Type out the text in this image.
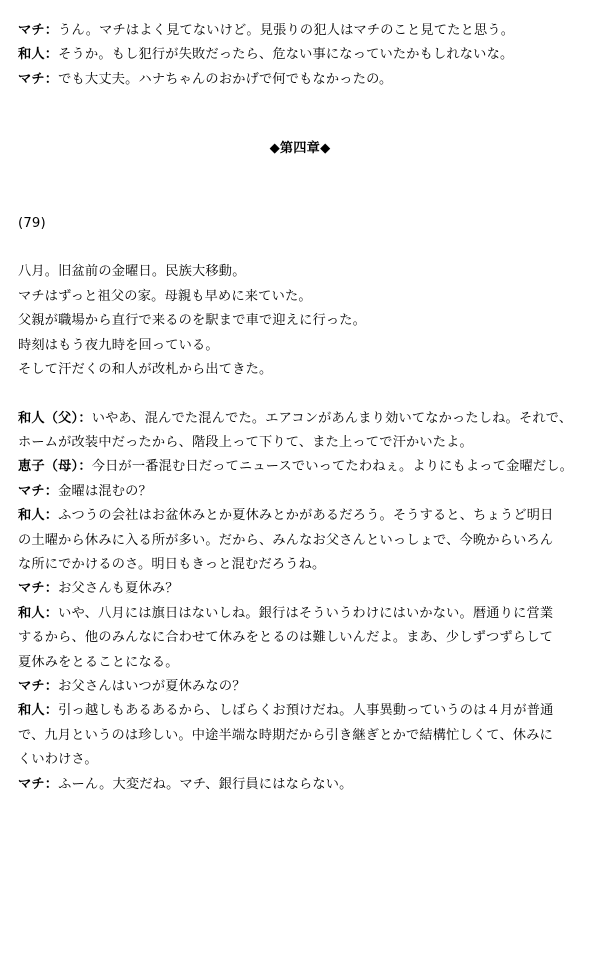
マチ：うん。マチはよく見てないけど。見張りの犯人はマチのこと見てたと思う。
和人：そうか。もし犯行が失敗だったら、危ない事になっていたかもしれないな。
マチ：でも大丈夫。ハナちゃんのおかげで何でもなかったの。
◆第四章◆
(79)
八月。旧盆前の金曜日。民族大移動。
マチはずっと祖父の家。母親も早めに来ていた。
父親が職場から直行で来るのを駅まで車で迎えに行った。
時刻はもう夜九時を回っている。
そして汗だくの和人が改札から出てきた。
和人（父）：いやあ、混んでた混んでた。エアコンがあんまり効いてなかったしね。それで、
ホームが改装中だったから、階段上って下りて、また上ってで汗かいたよ。
恵子（母）：今日が一番混む日だってニュースでいってたわねぇ。よりにもよって金曜だし。
マチ：金曜は混むの？
和人：ふつうの会社はお盆休みとか夏休みとかがあるだろう。そうすると、ちょうど明日
の土曜から休みに入る所が多い。だから、みんなお父さんといっしょで、今晩からいろん
な所にでかけるのさ。明日もきっと混むだろうね。
マチ：お父さんも夏休み？
和人：いや、八月には旗日はないしね。銀行はそういうわけにはいかない。暦通りに営業
するから、他のみんなに合わせて休みをとるのは難しいんだよ。まあ、少しずつずらして
夏休みをとることになる。
マチ：お父さんはいつが夏休みなの？
和人：引っ越しもあるあるから、しばらくお預けだね。人事異動っていうのは４月が普通
で、九月というのは珍しい。中途半端な時期だから引き継ぎとかで結構忙しくて、休みに
くいわけさ。
マチ：ふーん。大変だね。マチ、銀行員にはならない。
